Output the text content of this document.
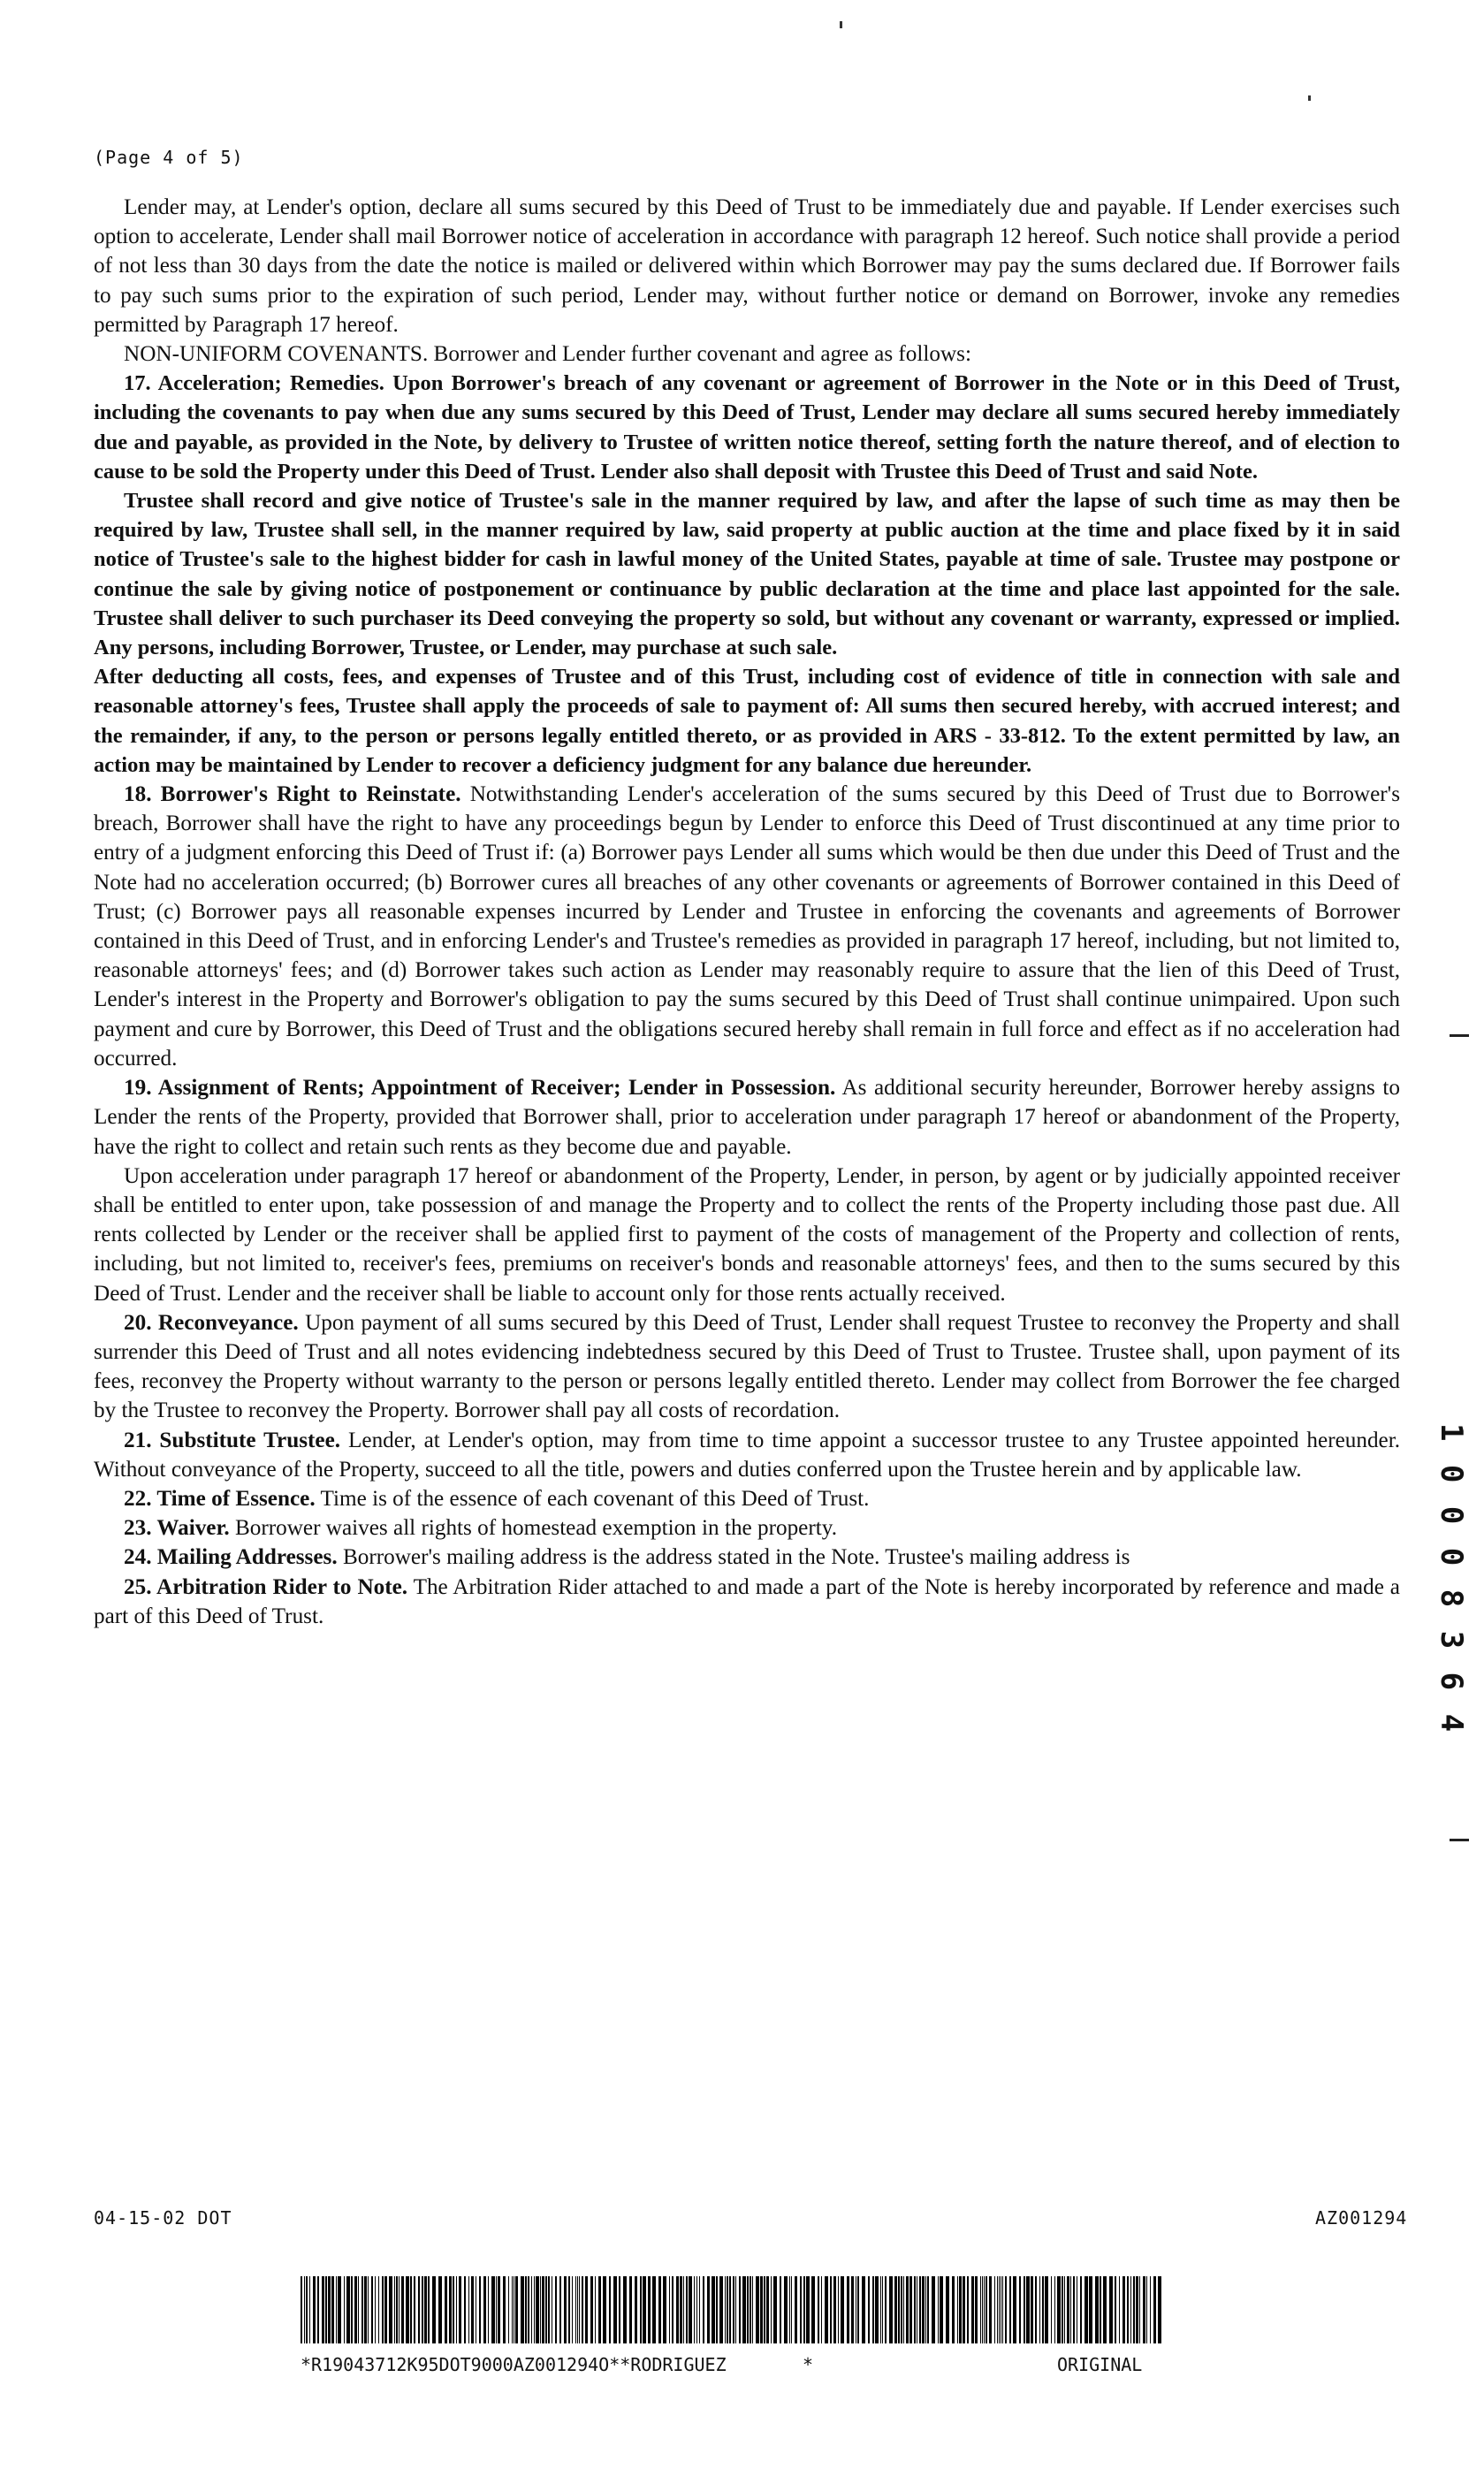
(Page 4 of 5)

Lender may, at Lender's option, declare all sums secured by this Deed of Trust to be immediately due and payable. If Lender exercises such option to accelerate, Lender shall mail Borrower notice of acceleration in accordance with paragraph 12 hereof. Such notice shall provide a period of not less than 30 days from the date the notice is mailed or delivered within which Borrower may pay the sums declared due. If Borrower fails to pay such sums prior to the expiration of such period, Lender may, without further notice or demand on Borrower, invoke any remedies permitted by Paragraph 17 hereof.

NON-UNIFORM COVENANTS. Borrower and Lender further covenant and agree as follows:

17. Acceleration; Remedies. Upon Borrower's breach of any covenant or agreement of Borrower in the Note or in this Deed of Trust, including the covenants to pay when due any sums secured by this Deed of Trust, Lender may declare all sums secured hereby immediately due and payable, as provided in the Note, by delivery to Trustee of written notice thereof, setting forth the nature thereof, and of election to cause to be sold the Property under this Deed of Trust. Lender also shall deposit with Trustee this Deed of Trust and said Note.

Trustee shall record and give notice of Trustee's sale in the manner required by law, and after the lapse of such time as may then be required by law, Trustee shall sell, in the manner required by law, said property at public auction at the time and place fixed by it in said notice of Trustee's sale to the highest bidder for cash in lawful money of the United States, payable at time of sale. Trustee may postpone or continue the sale by giving notice of postponement or continuance by public declaration at the time and place last appointed for the sale. Trustee shall deliver to such purchaser its Deed conveying the property so sold, but without any covenant or warranty, expressed or implied. Any persons, including Borrower, Trustee, or Lender, may purchase at such sale.

After deducting all costs, fees, and expenses of Trustee and of this Trust, including cost of evidence of title in connection with sale and reasonable attorney's fees, Trustee shall apply the proceeds of sale to payment of: All sums then secured hereby, with accrued interest; and the remainder, if any, to the person or persons legally entitled thereto, or as provided in ARS - 33-812. To the extent permitted by law, an action may be maintained by Lender to recover a deficiency judgment for any balance due hereunder.

18. Borrower's Right to Reinstate. Notwithstanding Lender's acceleration of the sums secured by this Deed of Trust due to Borrower's breach, Borrower shall have the right to have any proceedings begun by Lender to enforce this Deed of Trust discontinued at any time prior to entry of a judgment enforcing this Deed of Trust if: (a) Borrower pays Lender all sums which would be then due under this Deed of Trust and the Note had no acceleration occurred; (b) Borrower cures all breaches of any other covenants or agreements of Borrower contained in this Deed of Trust; (c) Borrower pays all reasonable expenses incurred by Lender and Trustee in enforcing the covenants and agreements of Borrower contained in this Deed of Trust, and in enforcing Lender's and Trustee's remedies as provided in paragraph 17 hereof, including, but not limited to, reasonable attorneys' fees; and (d) Borrower takes such action as Lender may reasonably require to assure that the lien of this Deed of Trust, Lender's interest in the Property and Borrower's obligation to pay the sums secured by this Deed of Trust shall continue unimpaired. Upon such payment and cure by Borrower, this Deed of Trust and the obligations secured hereby shall remain in full force and effect as if no acceleration had occurred.

19. Assignment of Rents; Appointment of Receiver; Lender in Possession. As additional security hereunder, Borrower hereby assigns to Lender the rents of the Property, provided that Borrower shall, prior to acceleration under paragraph 17 hereof or abandonment of the Property, have the right to collect and retain such rents as they become due and payable.

Upon acceleration under paragraph 17 hereof or abandonment of the Property, Lender, in person, by agent or by judicially appointed receiver shall be entitled to enter upon, take possession of and manage the Property and to collect the rents of the Property including those past due. All rents collected by Lender or the receiver shall be applied first to payment of the costs of management of the Property and collection of rents, including, but not limited to, receiver's fees, premiums on receiver's bonds and reasonable attorneys' fees, and then to the sums secured by this Deed of Trust. Lender and the receiver shall be liable to account only for those rents actually received.

20. Reconveyance. Upon payment of all sums secured by this Deed of Trust, Lender shall request Trustee to reconvey the Property and shall surrender this Deed of Trust and all notes evidencing indebtedness secured by this Deed of Trust to Trustee. Trustee shall, upon payment of its fees, reconvey the Property without warranty to the person or persons legally entitled thereto. Lender may collect from Borrower the fee charged by the Trustee to reconvey the Property. Borrower shall pay all costs of recordation.

21. Substitute Trustee. Lender, at Lender's option, may from time to time appoint a successor trustee to any Trustee appointed hereunder. Without conveyance of the Property, succeed to all the title, powers and duties conferred upon the Trustee herein and by applicable law.

22. Time of Essence. Time is of the essence of each covenant of this Deed of Trust.

23. Waiver. Borrower waives all rights of homestead exemption in the property.

24. Mailing Addresses. Borrower's mailing address is the address stated in the Note. Trustee's mailing address is

25. Arbitration Rider to Note. The Arbitration Rider attached to and made a part of the Note is hereby incorporated by reference and made a part of this Deed of Trust.

04-15-02 DOT	AZ001294
*R19043712K95DOT9000AZ001294O**RODRIGUEZ	*	ORIGINAL
1 0 0 0 8 3 6 4
